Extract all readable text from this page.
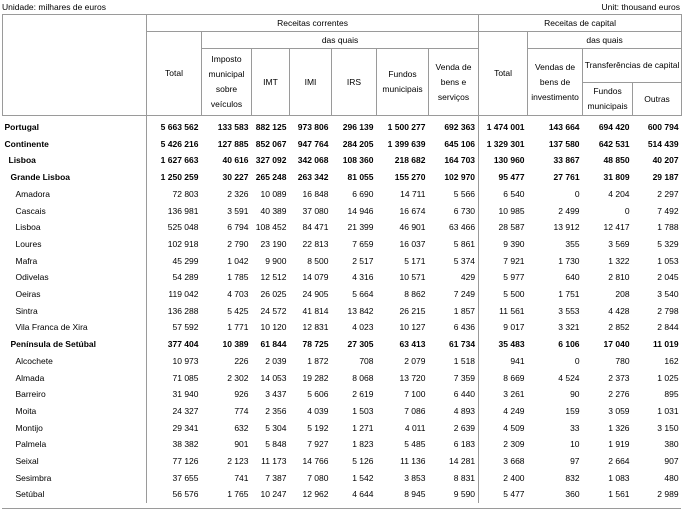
Unidade: milhares de euros	Unit: thousand euros
	Receitas correntes							Receitas de capital			
	Total	das quais						Total	das quais		
		Imposto municipal sobre veículos	IMT	IMI	IRS	Fundos municipais	Venda de bens e serviços		Vendas de bens de investimento	Transferências de capital	
										Fundos municipais	Outras
Portugal	5 663 562	133 583	882 125	973 806	296 139	1 500 277	692 363	1 474 001	143 664	694 420	600 794
Continente	5 426 216	127 885	852 067	947 764	284 205	1 399 639	645 106	1 329 301	137 580	642 531	514 439
Lisboa	1 627 663	40 616	327 092	342 068	108 360	218 682	164 703	130 960	33 867	48 850	40 207
Grande Lisboa	1 250 259	30 227	265 248	263 342	81 055	155 270	102 970	95 477	27 761	31 809	29 187
Amadora	72 803	2 326	10 089	16 848	6 690	14 711	5 566	6 540	0	4 204	2 297
Cascais	136 981	3 591	40 389	37 080	14 946	16 674	6 730	10 985	2 499	0	7 492
Lisboa	525 048	6 794	108 452	84 471	21 399	46 901	63 466	28 587	13 912	12 417	1 788
Loures	102 918	2 790	23 190	22 813	7 659	16 037	5 861	9 390	355	3 569	5 329
Mafra	45 299	1 042	9 900	8 500	2 517	5 171	5 374	7 921	1 730	1 322	1 053
Odivelas	54 289	1 785	12 512	14 079	4 316	10 571	429	5 977	640	2 810	2 045
Oeiras	119 042	4 703	26 025	24 905	5 664	8 862	7 249	5 500	1 751	208	3 540
Sintra	136 288	5 425	24 572	41 814	13 842	26 215	1 857	11 561	3 553	4 428	2 798
Vila Franca de Xira	57 592	1 771	10 120	12 831	4 023	10 127	6 436	9 017	3 321	2 852	2 844
Península de Setúbal	377 404	10 389	61 844	78 725	27 305	63 413	61 734	35 483	6 106	17 040	11 019
Alcochete	10 973	226	2 039	1 872	708	2 079	1 518	941	0	780	162
Almada	71 085	2 302	14 053	19 282	8 068	13 720	7 359	8 669	4 524	2 373	1 025
Barreiro	31 940	926	3 437	5 606	2 619	7 100	6 440	3 261	90	2 276	895
Moita	24 327	774	2 356	4 039	1 503	7 086	4 893	4 249	159	3 059	1 031
Montijo	29 341	632	5 304	5 192	1 271	4 011	2 639	4 509	33	1 326	3 150
Palmela	38 382	901	5 848	7 927	1 823	5 485	6 183	2 309	10	1 919	380
Seixal	77 126	2 123	11 173	14 766	5 126	11 136	14 281	3 668	97	2 664	907
Sesimbra	37 655	741	7 387	7 080	1 542	3 853	8 831	2 400	832	1 083	480
Setúbal	56 576	1 765	10 247	12 962	4 644	8 945	9 590	5 477	360	1 561	2 989
